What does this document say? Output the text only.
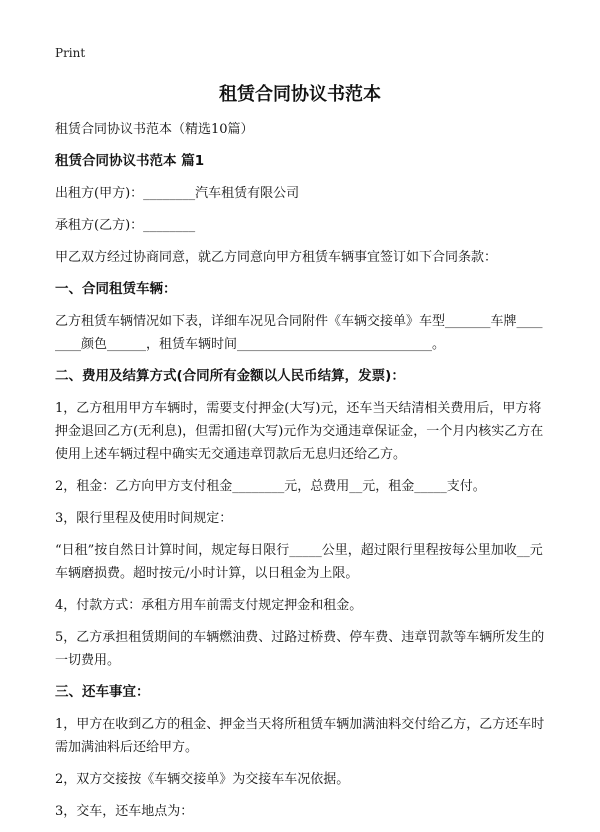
Print
租赁合同协议书范本
租赁合同协议书范本（精选10篇）
租赁合同协议书范本 篇1
出租方(甲方)：________汽车租赁有限公司
承租方(乙方)：________
甲乙双方经过协商同意，就乙方同意向甲方租赁车辆事宜签订如下合同条款：
一、合同租赁车辆：
乙方租赁车辆情况如下表，详细车况见合同附件《车辆交接单》车型_______车牌________颜色______，租赁车辆时间______________________________。
二、费用及结算方式(合同所有金额以人民币结算，发票)：
1，乙方租用甲方车辆时，需要支付押金(大写)元，还车当天结清相关费用后，甲方将押金退回乙方(无利息)，但需扣留(大写)元作为交通违章保证金，一个月内核实乙方在使用上述车辆过程中确实无交通违章罚款后无息归还给乙方。
2，租金：乙方向甲方支付租金________元，总费用__元，租金_____支付。
3，限行里程及使用时间规定：
“日租”按自然日计算时间，规定每日限行_____公里，超过限行里程按每公里加收__元车辆磨损费。超时按元/小时计算，以日租金为上限。
4，付款方式：承租方用车前需支付规定押金和租金。
5，乙方承担租赁期间的车辆燃油费、过路过桥费、停车费、违章罚款等车辆所发生的一切费用。
三、还车事宜：
1，甲方在收到乙方的租金、押金当天将所租赁车辆加满油料交付给乙方，乙方还车时需加满油料后还给甲方。
2，双方交接按《车辆交接单》为交接车车况依据。
3，交车，还车地点为：
